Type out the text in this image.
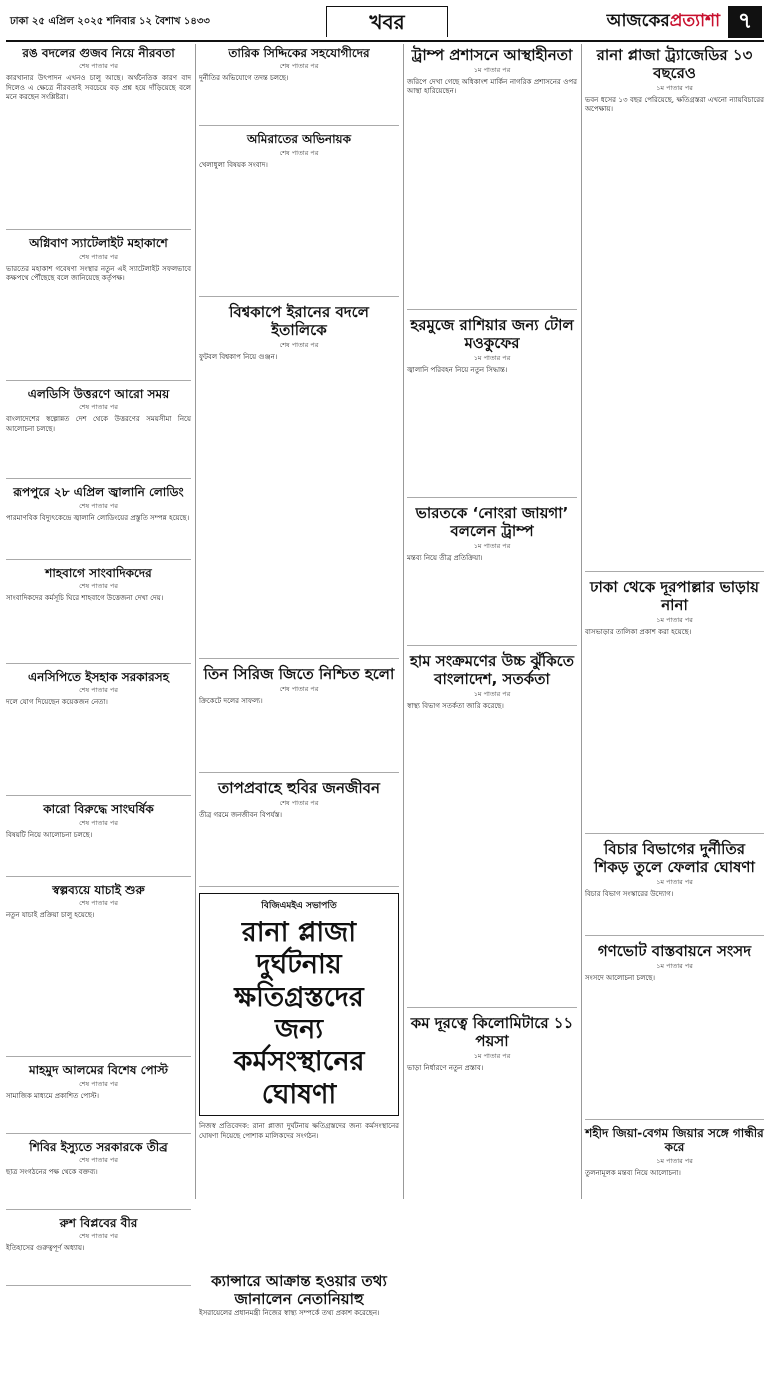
ঢাকা ২৫ এপ্রিল ২০২৫ শনিবার ১২ বৈশাখ ১৪৩৩	খবর	আজকেরপ্রত্যাশা ৭
রঙ বদলের গুজব নিয়ে নীরবতা
শেষ পাতার পর
কারখানার উৎপাদন এখনও চালু আছে। অর্থনৈতিক কারণ বাদ দিলেও এ ক্ষেত্রে নীরবতাই সবচেয়ে বড় প্রশ্ন হয়ে দাঁড়িয়েছে বলে মনে করছেন সংশ্লিষ্টরা।
অগ্নিবাণ স্যাটেলাইট মহাকাশে
শেষ পাতার পর
ভারতের মহাকাশ গবেষণা সংস্থার নতুন এই স্যাটেলাইট সফলভাবে কক্ষপথে পৌঁছেছে বলে জানিয়েছে কর্তৃপক্ষ।
এলডিসি উত্তরণে আরো সময়
শেষ পাতার পর
বাংলাদেশের স্বল্পোন্নত দেশ থেকে উত্তরণের সময়সীমা নিয়ে আলোচনা চলছে।
রূপপুরে ২৮ এপ্রিল জ্বালানি লোডিং
শেষ পাতার পর
পারমাণবিক বিদ্যুৎকেন্দ্রে জ্বালানি লোডিংয়ের প্রস্তুতি সম্পন্ন হয়েছে।
শাহবাগে সাংবাদিকদের
শেষ পাতার পর
সাংবাদিকদের কর্মসূচি ঘিরে শাহবাগে উত্তেজনা দেখা দেয়।
এনসিপিতে ইসহাক সরকারসহ
শেষ পাতার পর
দলে যোগ দিয়েছেন কয়েকজন নেতা।
কারো বিরুদ্ধে সাংঘর্ষিক
শেষ পাতার পর
বিষয়টি নিয়ে আলোচনা চলছে।
স্বল্পব্যয়ে যাচাই শুরু
শেষ পাতার পর
নতুন যাচাই প্রক্রিয়া চালু হয়েছে।
মাহমুদ আলমের বিশেষ পোস্ট
শেষ পাতার পর
সামাজিক মাধ্যমে প্রকাশিত পোস্ট।
শিবির ইস্যুতে সরকারকে তীব্র
শেষ পাতার পর
ছাত্র সংগঠনের পক্ষ থেকে বক্তব্য।
রুশ বিপ্লবের বীর
শেষ পাতার পর
ইতিহাসের গুরুত্বপূর্ণ অধ্যায়।
তারিক সিদ্দিকের সহযোগীদের
শেষ পাতার পর
দুর্নীতির অভিযোগে তদন্ত চলছে।
অমিরাতের অভিনায়ক
শেষ পাতার পর
খেলাধুলা বিষয়ক সংবাদ।
বিশ্বকাপে ইরানের বদলে ইতালিকে
শেষ পাতার পর
ফুটবল বিশ্বকাপ নিয়ে গুঞ্জন।
তিন সিরিজ জিতে নিশ্চিত হলো
শেষ পাতার পর
ক্রিকেটে দলের সাফল্য।
তাপপ্রবাহে হুবির জনজীবন
শেষ পাতার পর
তীব্র গরমে জনজীবন বিপর্যস্ত।
বিজিএমইএ সভাপতি
রানা প্লাজা দুর্ঘটনায় ক্ষতিগ্রস্তদের জন্য কর্মসংস্থানের ঘোষণা
নিজস্ব প্রতিবেদক: রানা প্লাজা দুর্ঘটনায় ক্ষতিগ্রস্তদের জন্য কর্মসংস্থানের ঘোষণা দিয়েছে পোশাক মালিকদের সংগঠন।
ক্যান্সারে আক্রান্ত হওয়ার তথ্য জানালেন নেতানিয়াহু
ইসরায়েলের প্রধানমন্ত্রী নিজের স্বাস্থ্য সম্পর্কে তথ্য প্রকাশ করেছেন।
ট্রাম্প প্রশাসনে আস্থাহীনতা
১ম পাতার পর
জরিপে দেখা গেছে অধিকাংশ মার্কিন নাগরিক প্রশাসনের ওপর আস্থা হারিয়েছেন।
হরমুজে রাশিয়ার জন্য টোল মওকুফের
১ম পাতার পর
জ্বালানি পরিবহন নিয়ে নতুন সিদ্ধান্ত।
ভারতকে ‘নোংরা জায়গা’ বললেন ট্রাম্প
১ম পাতার পর
মন্তব্য নিয়ে তীব্র প্রতিক্রিয়া।
হাম সংক্রমণের উচ্চ ঝুঁকিতে বাংলাদেশ, সতর্কতা
১ম পাতার পর
স্বাস্থ্য বিভাগ সতর্কতা জারি করেছে।
কম দূরত্বে কিলোমিটারে ১১ পয়সা
১ম পাতার পর
ভাড়া নির্ধারণে নতুন প্রস্তাব।
রানা প্লাজা ট্র্যাজেডির ১৩ বছরেও
১ম পাতার পর
ভবন ধসের ১৩ বছর পেরিয়েছে, ক্ষতিগ্রস্তরা এখনো ন্যায়বিচারের অপেক্ষায়।
ঢাকা থেকে দূরপাল্লার ভাড়ায় নানা
১ম পাতার পর
বাসভাড়ার তালিকা প্রকাশ করা হয়েছে।
বিচার বিভাগের দুর্নীতির শিকড় তুলে ফেলার ঘোষণা
১ম পাতার পর
বিচার বিভাগ সংস্কারের উদ্যোগ।
গণভোট বাস্তবায়নে সংসদ
১ম পাতার পর
সংসদে আলোচনা চলছে।
শহীদ জিয়া-বেগম জিয়ার সঙ্গে গান্ধীর করে
১ম পাতার পর
তুলনামূলক মন্তব্য নিয়ে আলোচনা।
